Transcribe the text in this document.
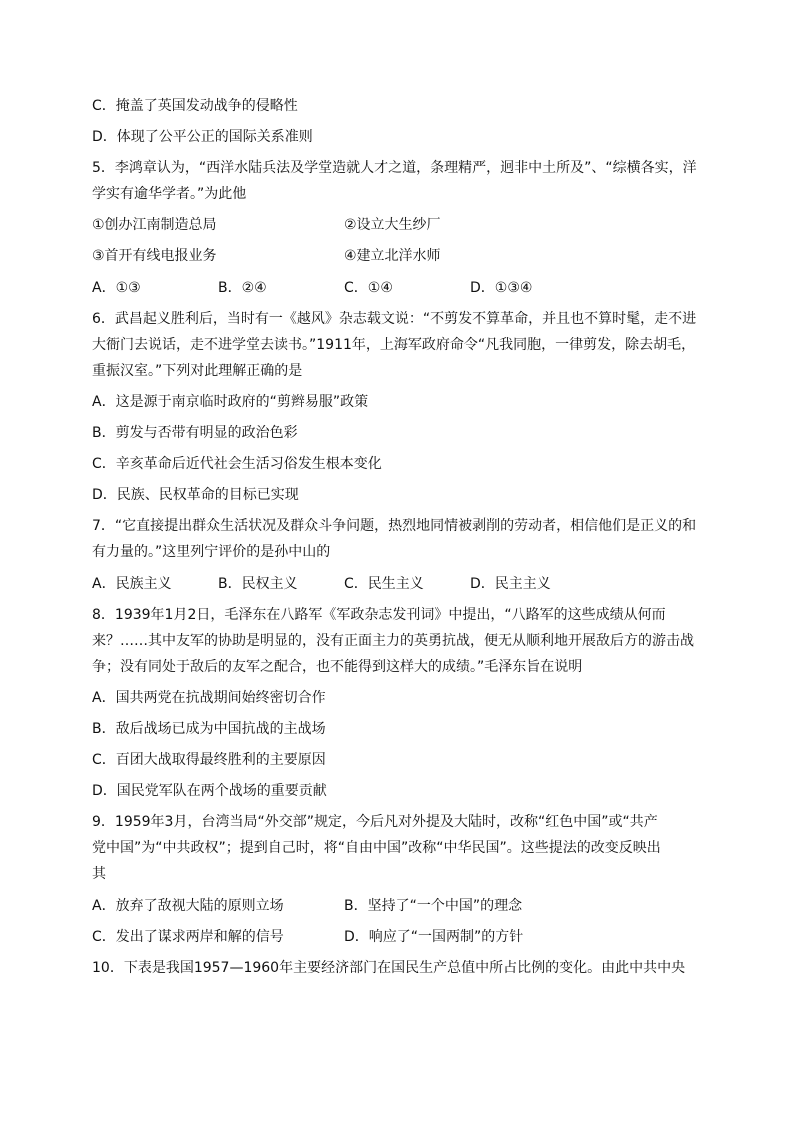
C．掩盖了英国发动战争的侵略性
D．体现了公平公正的国际关系准则
5．李鸿章认为，“西洋水陆兵法及学堂造就人才之道，条理精严，迥非中土所及”、“综横各实，洋
学实有逾华学者。”为此他
①创办江南制造总局	②设立大生纱厂
③首开有线电报业务	④建立北洋水师
A．①③	B．②④	C．①④	D．①③④
6．武昌起义胜利后，当时有一《越风》杂志载文说：“不剪发不算革命，并且也不算时髦，走不进
大衙门去说话，走不进学堂去读书。”1911年，上海军政府命令“凡我同胞，一律剪发，除去胡毛，
重振汉室。”下列对此理解正确的是
A．这是源于南京临时政府的“剪辫易服”政策
B．剪发与否带有明显的政治色彩
C．辛亥革命后近代社会生活习俗发生根本变化
D．民族、民权革命的目标已实现
7．“它直接提出群众生活状况及群众斗争问题，热烈地同情被剥削的劳动者，相信他们是正义的和
有力量的。”这里列宁评价的是孙中山的
A．民族主义	B．民权主义	C．民生主义	D．民主主义
8．1939年1月2日，毛泽东在八路军《军政杂志发刊词》中提出，“八路军的这些成绩从何而
来？……其中友军的协助是明显的，没有正面主力的英勇抗战，便无从顺利地开展敌后方的游击战
争；没有同处于敌后的友军之配合，也不能得到这样大的成绩。”毛泽东旨在说明
A．国共两党在抗战期间始终密切合作
B．敌后战场已成为中国抗战的主战场
C．百团大战取得最终胜利的主要原因
D．国民党军队在两个战场的重要贡献
9．1959年3月，台湾当局“外交部”规定，今后凡对外提及大陆时，改称“红色中国”或“共产
党中国”为“中共政权”；提到自己时，将“自由中国”改称“中华民国”。这些提法的改变反映出
其
A．放弃了敌视大陆的原则立场	B．坚持了“一个中国”的理念
C．发出了谋求两岸和解的信号	D．响应了“一国两制”的方针
10．下表是我国1957—1960年主要经济部门在国民生产总值中所占比例的变化。由此中共中央
